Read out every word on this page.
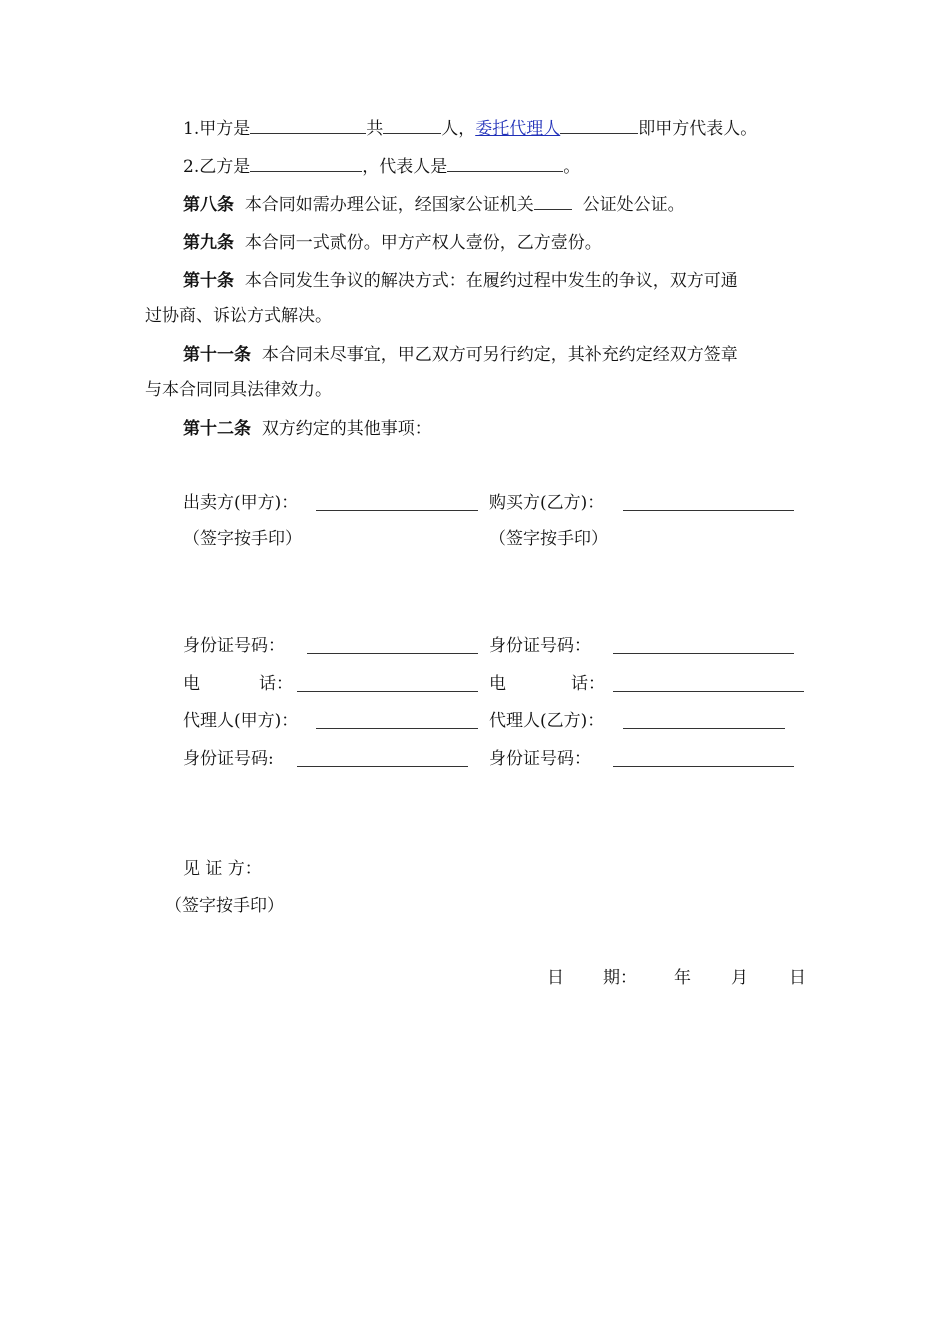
1.甲方是	共	人，委托代理人	即甲方代表人。
2.乙方是	，代表人是	。
第八条 本合同如需办理公证，经国家公证机关	公证处公证。
第九条 本合同一式贰份。甲方产权人壹份，乙方壹份。
第十条 本合同发生争议的解决方式：在履约过程中发生的争议，双方可通
过协商、诉讼方式解决。
第十一条 本合同未尽事宜，甲乙双方可另行约定，其补充约定经双方签章
与本合同同具法律效力。
第十二条 双方约定的其他事项：
出卖方(甲方)：	购买方(乙方)：
（签字按手印）	（签字按手印）
身份证号码：	身份证号码：
电	话：	电	话：
代理人(甲方)：	代理人(乙方)：
身份证号码:	身份证号码：
见 证 方：
（签字按手印）
日 期： 年 月 日
